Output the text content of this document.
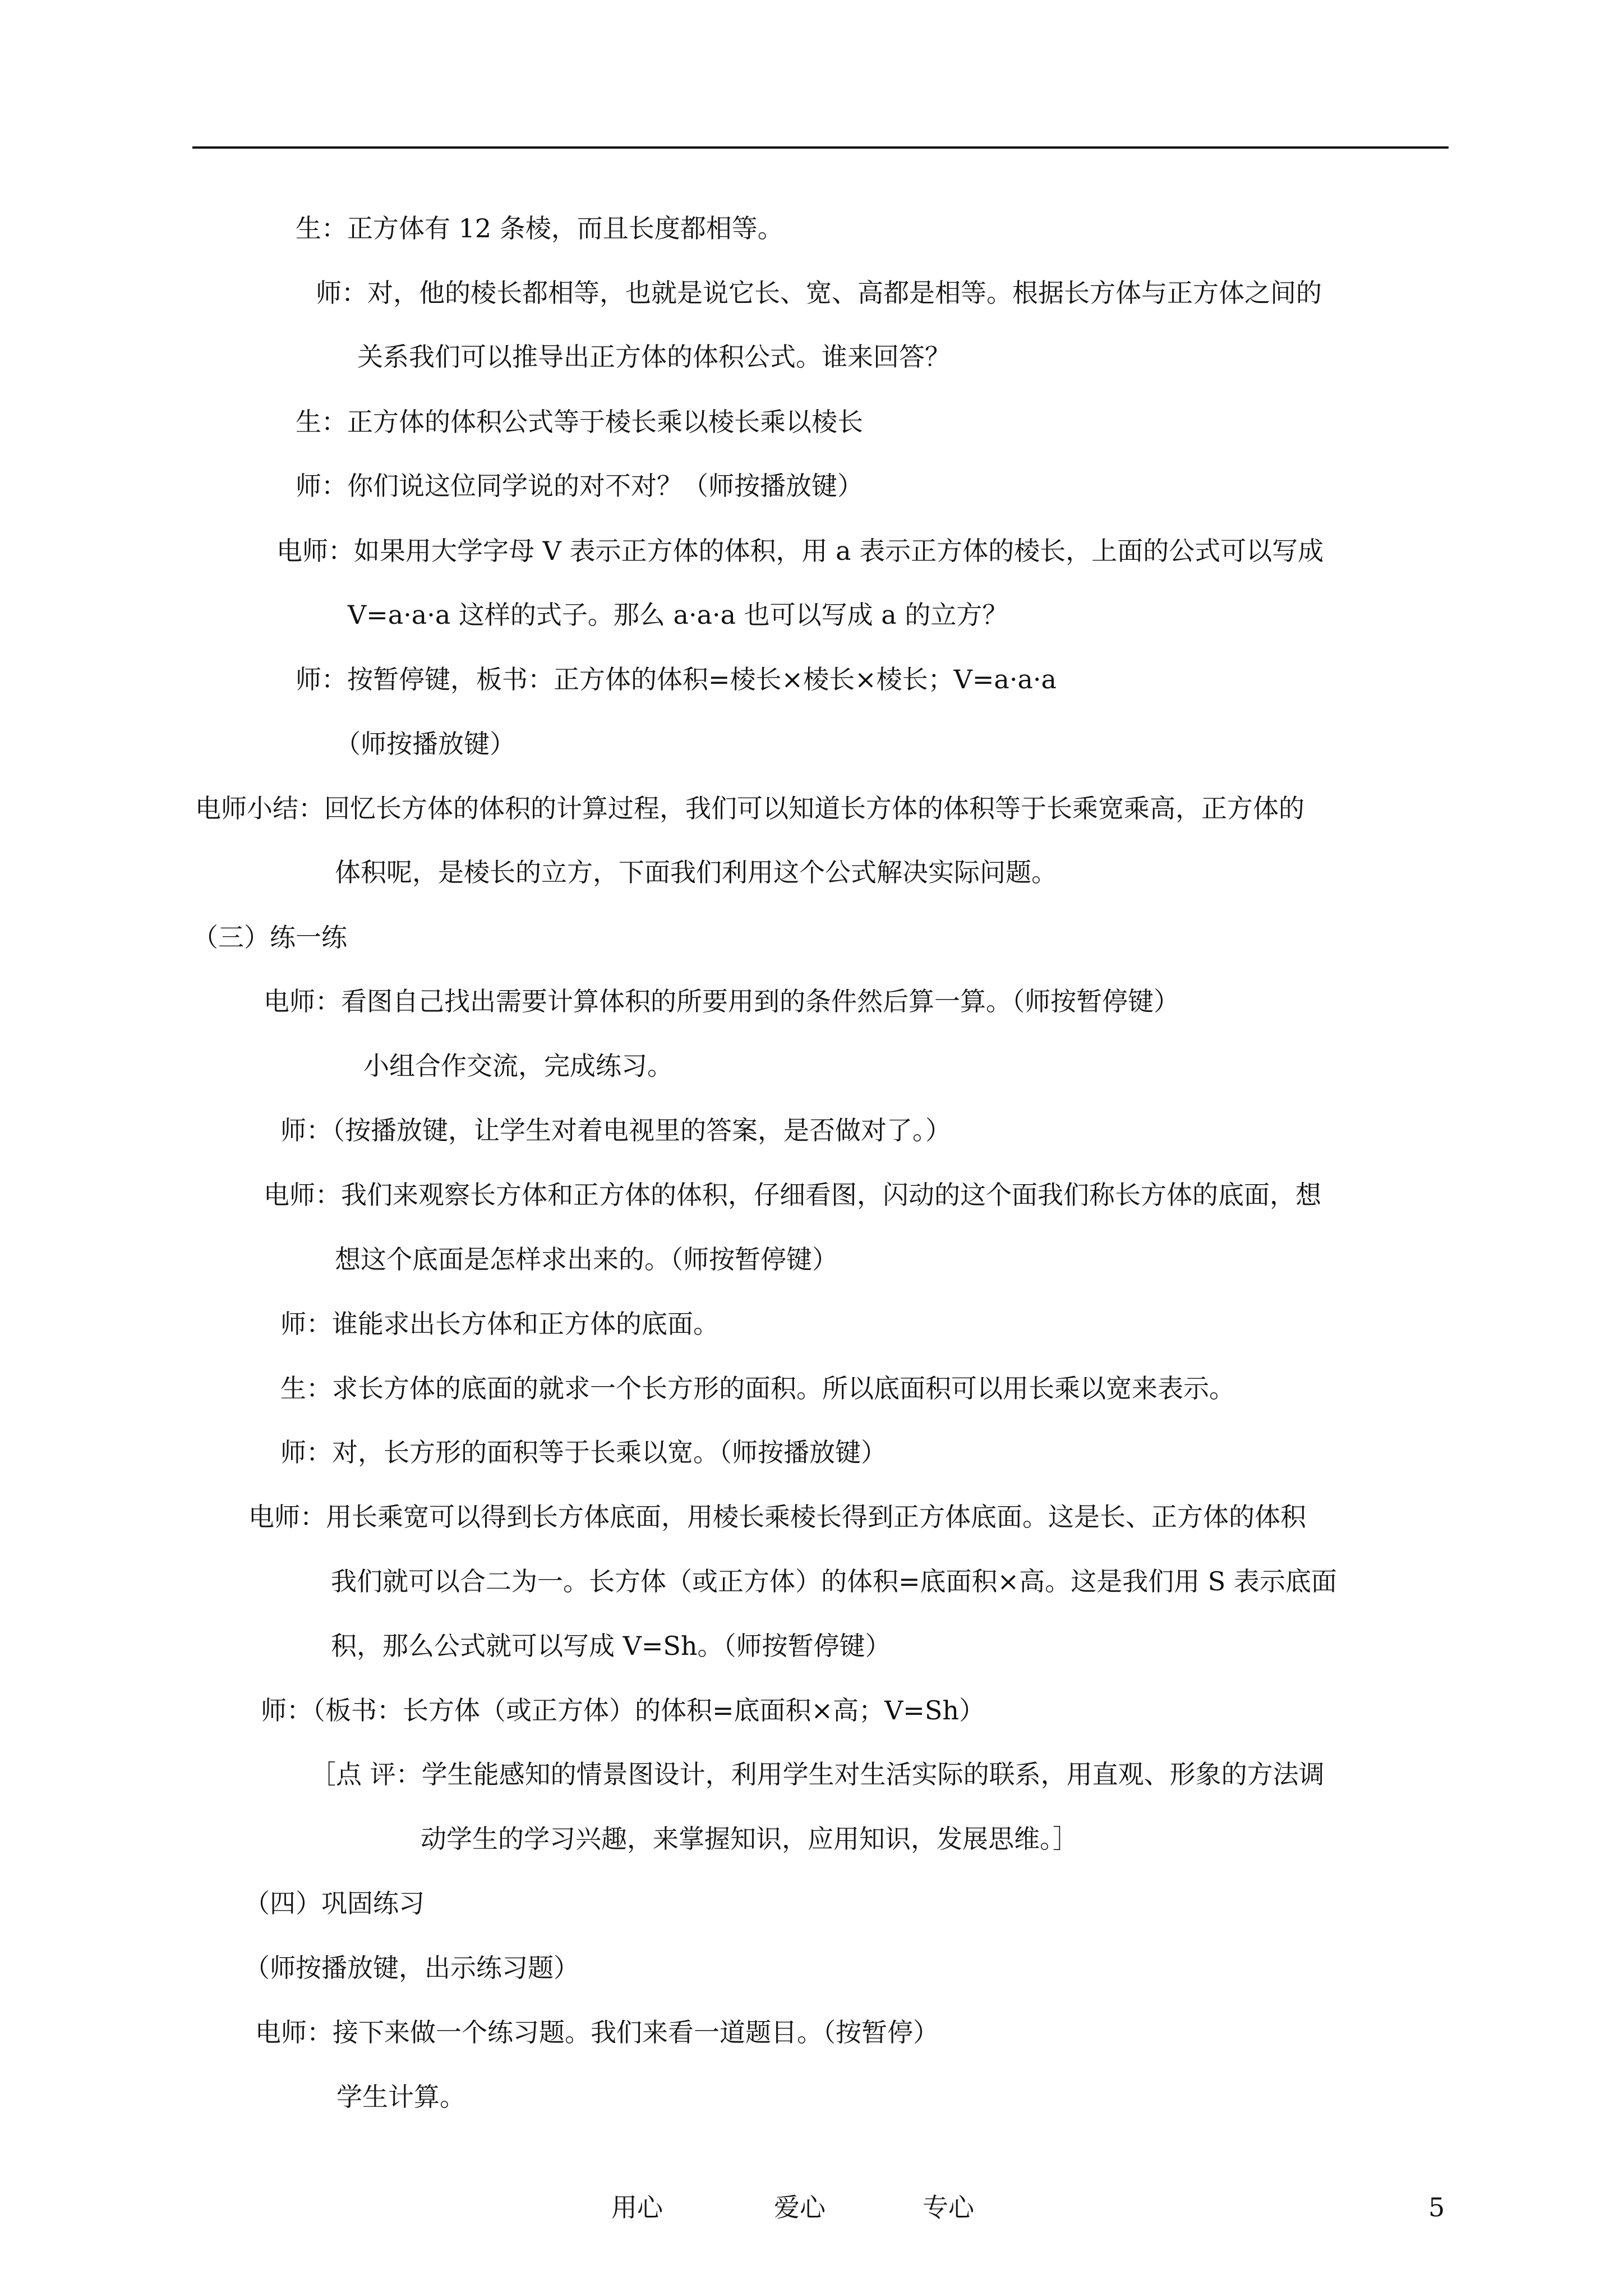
生：正方体有 12 条棱，而且长度都相等。
师：对，他的棱长都相等，也就是说它长、宽、高都是相等。根据长方体与正方体之间的
关系我们可以推导出正方体的体积公式。谁来回答？
生：正方体的体积公式等于棱长乘以棱长乘以棱长
师：你们说这位同学说的对不对？（师按播放键）
电师：如果用大学字母 V 表示正方体的体积，用 a 表示正方体的棱长，上面的公式可以写成
V=a·a·a 这样的式子。那么 a·a·a 也可以写成 a 的立方？
师：按暂停键，板书：正方体的体积=棱长×棱长×棱长；V=a·a·a
（师按播放键）
电师小结：回忆长方体的体积的计算过程，我们可以知道长方体的体积等于长乘宽乘高，正方体的
体积呢，是棱长的立方，下面我们利用这个公式解决实际问题。
（三）练一练
电师：看图自己找出需要计算体积的所要用到的条件然后算一算。（师按暂停键）
小组合作交流，完成练习。
师：（按播放键，让学生对着电视里的答案，是否做对了。）
电师：我们来观察长方体和正方体的体积，仔细看图，闪动的这个面我们称长方体的底面，想
想这个底面是怎样求出来的。（师按暂停键）
师：谁能求出长方体和正方体的底面。
生：求长方体的底面的就求一个长方形的面积。所以底面积可以用长乘以宽来表示。
师：对，长方形的面积等于长乘以宽。（师按播放键）
电师：用长乘宽可以得到长方体底面，用棱长乘棱长得到正方体底面。这是长、正方体的体积
我们就可以合二为一。长方体（或正方体）的体积=底面积×高。这是我们用 S 表示底面
积，那么公式就可以写成 V=Sh。（师按暂停键）
师：（板书：长方体（或正方体）的体积=底面积×高；V=Sh）
［点 评：学生能感知的情景图设计，利用学生对生活实际的联系，用直观、形象的方法调
动学生的学习兴趣，来掌握知识，应用知识，发展思维。］
（四）巩固练习
（师按播放键，出示练习题）
电师：接下来做一个练习题。我们来看一道题目。（按暂停）
学生计算。
用心	爱心	专心	5
